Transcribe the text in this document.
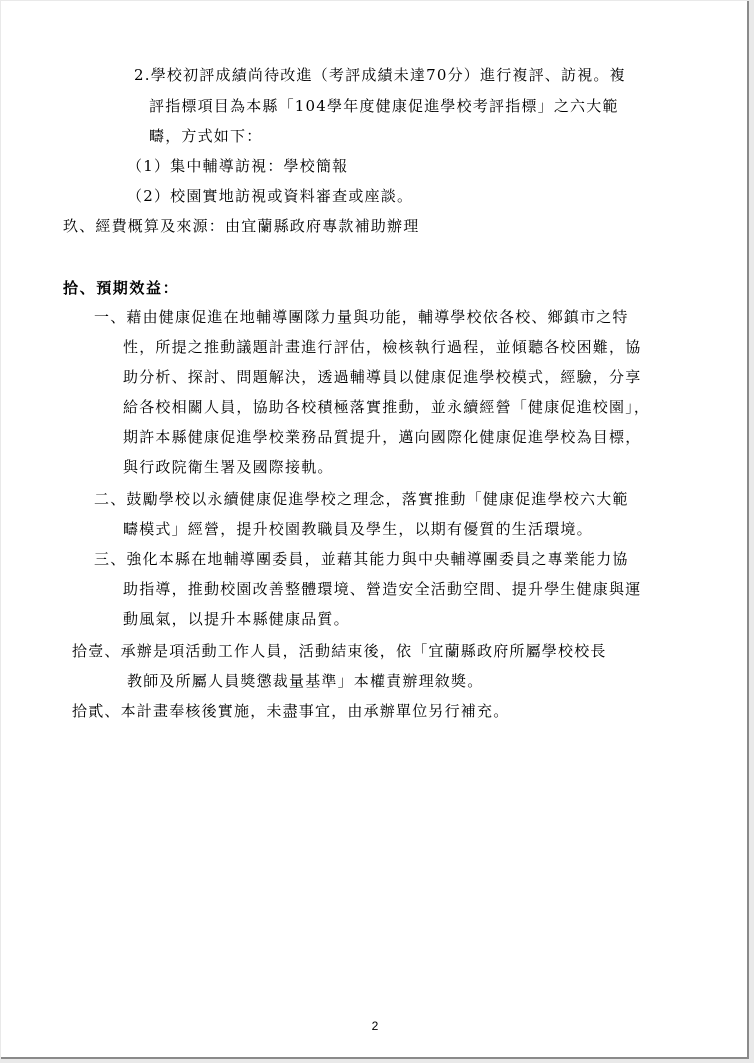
2.學校初評成績尚待改進（考評成績未達70分）進行複評、訪視。複
評指標項目為本縣「104學年度健康促進學校考評指標」之六大範
疇，方式如下：
（1）集中輔導訪視：學校簡報
（2）校園實地訪視或資料審查或座談。
玖、經費概算及來源：由宜蘭縣政府專款補助辦理
拾、預期效益：
一、藉由健康促進在地輔導團隊力量與功能，輔導學校依各校、鄉鎮市之特
性，所提之推動議題計畫進行評估，檢核執行過程，並傾聽各校困難，協
助分析、探討、問題解決，透過輔導員以健康促進學校模式，經驗，分享
給各校相關人員，協助各校積極落實推動，並永續經營「健康促進校園」，
期許本縣健康促進學校業務品質提升，邁向國際化健康促進學校為目標，
與行政院衛生署及國際接軌。
二、鼓勵學校以永續健康促進學校之理念，落實推動「健康促進學校六大範
疇模式」經營，提升校園教職員及學生，以期有優質的生活環境。
三、強化本縣在地輔導團委員，並藉其能力與中央輔導團委員之專業能力協
助指導，推動校園改善整體環境、營造安全活動空間、提升學生健康與運
動風氣，以提升本縣健康品質。
拾壹、承辦是項活動工作人員，活動結束後，依「宜蘭縣政府所屬學校校長
教師及所屬人員獎懲裁量基準」本權責辦理敘獎。
拾貳、本計畫奉核後實施，未盡事宜，由承辦單位另行補充。
2
